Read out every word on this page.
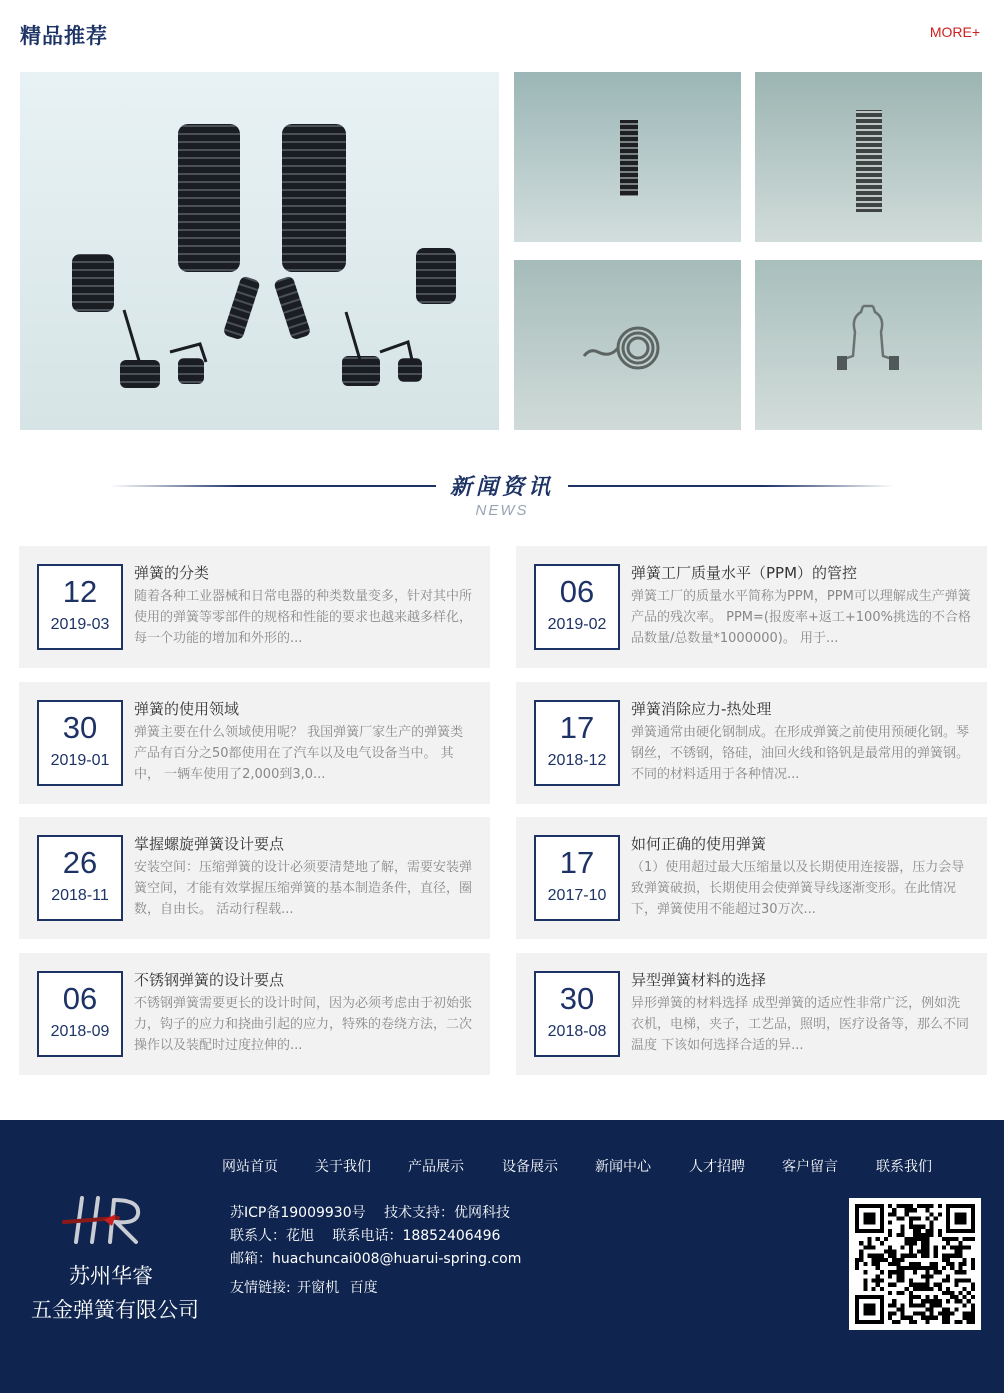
精品推荐	MORE+
新闻资讯
NEWS
12
2019-03
弹簧的分类
随着各种工业器械和日常电器的种类数量变多，针对其中所使用的弹簧等零部件的规格和性能的要求也越来越多样化，每一个功能的增加和外形的...
06
2019-02
弹簧工厂质量水平（PPM）的管控
弹簧工厂的质量水平简称为PPM，PPM可以理解成生产弹簧产品的残次率。 PPM=(报废率+返工+100%挑选的不合格品数量/总数量*1000000)。 用于...
30
2019-01
弹簧的使用领域
弹簧主要在什么领域使用呢？ 我国弹簧厂家生产的弹簧类产品有百分之50都使用在了汽车以及电气设备当中。 其中， 一辆车使用了2,000到3,0...
17
2018-12
弹簧消除应力-热处理
弹簧通常由硬化钢制成。在形成弹簧之前使用预硬化钢。琴钢丝，不锈钢，铬硅，油回火线和铬钒是最常用的弹簧钢。不同的材料适用于各种情况...
26
2018-11
掌握螺旋弹簧设计要点
安装空间：压缩弹簧的设计必须要清楚地了解，需要安装弹簧空间，才能有效掌握压缩弹簧的基本制造条件，直径，圈数，自由长。 活动行程载...
17
2017-10
如何正确的使用弹簧
（1）使用超过最大压缩量以及长期使用连接器，压力会导致弹簧破损，长期使用会使弹簧导线逐渐变形。在此情况下，弹簧使用不能超过30万次...
06
2018-09
不锈钢弹簧的设计要点
不锈钢弹簧需要更长的设计时间，因为必须考虑由于初始张力，钩子的应力和挠曲引起的应力，特殊的卷绕方法，二次操作以及装配时过度拉伸的...
30
2018-08
异型弹簧材料的选择
异形弹簧的材料选择 成型弹簧的适应性非常广泛，例如洗衣机，电梯，夹子，工艺品，照明，医疗设备等，那么不同温度 下该如何选择合适的异...
网站首页	关于我们	产品展示	设备展示	新闻中心	人才招聘	客户留言	联系我们
苏州华睿
五金弹簧有限公司
苏ICP备19009930号 技术支持：优网科技
联系人：花旭 联系电话：18852406496
邮箱：huachuncai008@huarui-spring.com
友情链接: 开窗机 百度
